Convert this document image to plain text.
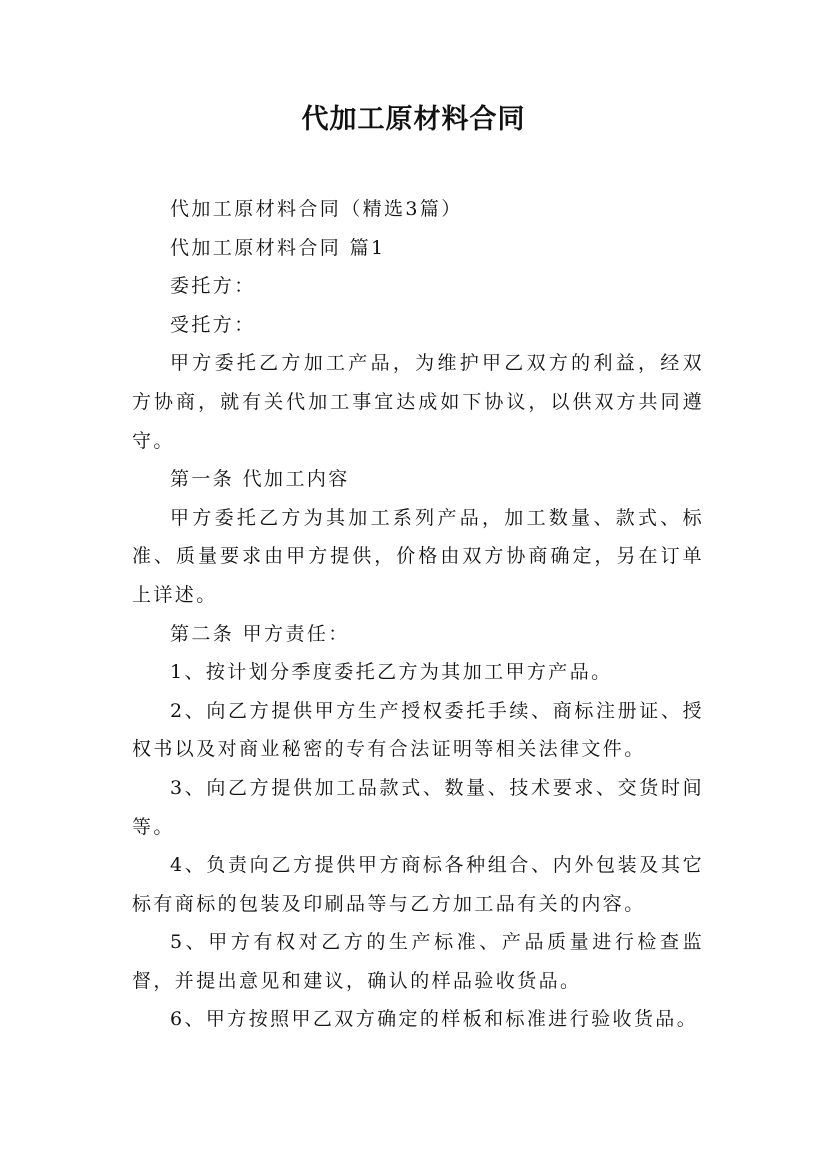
代加工原材料合同

代加工原材料合同（精选3篇）

代加工原材料合同 篇1

委托方：

受托方：

甲方委托乙方加工产品，为维护甲乙双方的利益，经双方协商，就有关代加工事宜达成如下协议，以供双方共同遵守。

第一条 代加工内容

甲方委托乙方为其加工系列产品，加工数量、款式、标准、质量要求由甲方提供，价格由双方协商确定，另在订单上详述。

第二条 甲方责任：

1、按计划分季度委托乙方为其加工甲方产品。

2、向乙方提供甲方生产授权委托手续、商标注册证、授权书以及对商业秘密的专有合法证明等相关法律文件。

3、向乙方提供加工品款式、数量、技术要求、交货时间等。

4、负责向乙方提供甲方商标各种组合、内外包装及其它标有商标的包装及印刷品等与乙方加工品有关的内容。

5、甲方有权对乙方的生产标准、产品质量进行检查监督，并提出意见和建议，确认的样品验收货品。

6、甲方按照甲乙双方确定的样板和标准进行验收货品。
